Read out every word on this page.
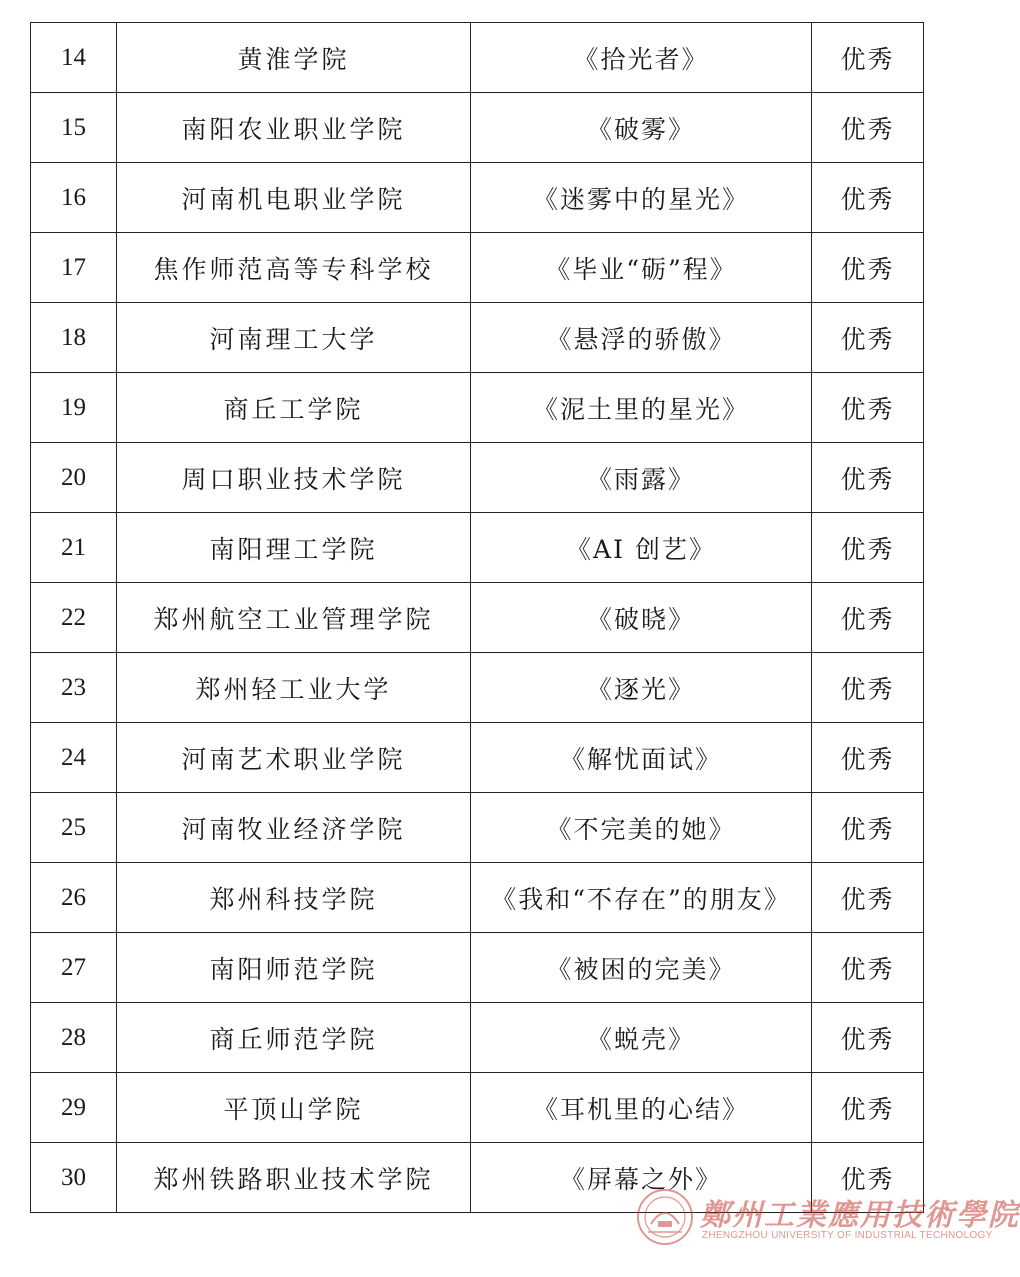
14	黄淮学院	《拾光者》	优秀
15	南阳农业职业学院	《破雾》	优秀
16	河南机电职业学院	《迷雾中的星光》	优秀
17	焦作师范高等专科学校	《毕业“砺”程》	优秀
18	河南理工大学	《悬浮的骄傲》	优秀
19	商丘工学院	《泥土里的星光》	优秀
20	周口职业技术学院	《雨露》	优秀
21	南阳理工学院	《AI 创艺》	优秀
22	郑州航空工业管理学院	《破晓》	优秀
23	郑州轻工业大学	《逐光》	优秀
24	河南艺术职业学院	《解忧面试》	优秀
25	河南牧业经济学院	《不完美的她》	优秀
26	郑州科技学院	《我和“不存在”的朋友》	优秀
27	南阳师范学院	《被困的完美》	优秀
28	商丘师范学院	《蜕壳》	优秀
29	平顶山学院	《耳机里的心结》	优秀
30	郑州铁路职业技术学院	《屏幕之外》	优秀
鄭州工業應用技術學院
ZHENGZHOU UNIVERSITY OF INDUSTRIAL TECHNOLOGY
